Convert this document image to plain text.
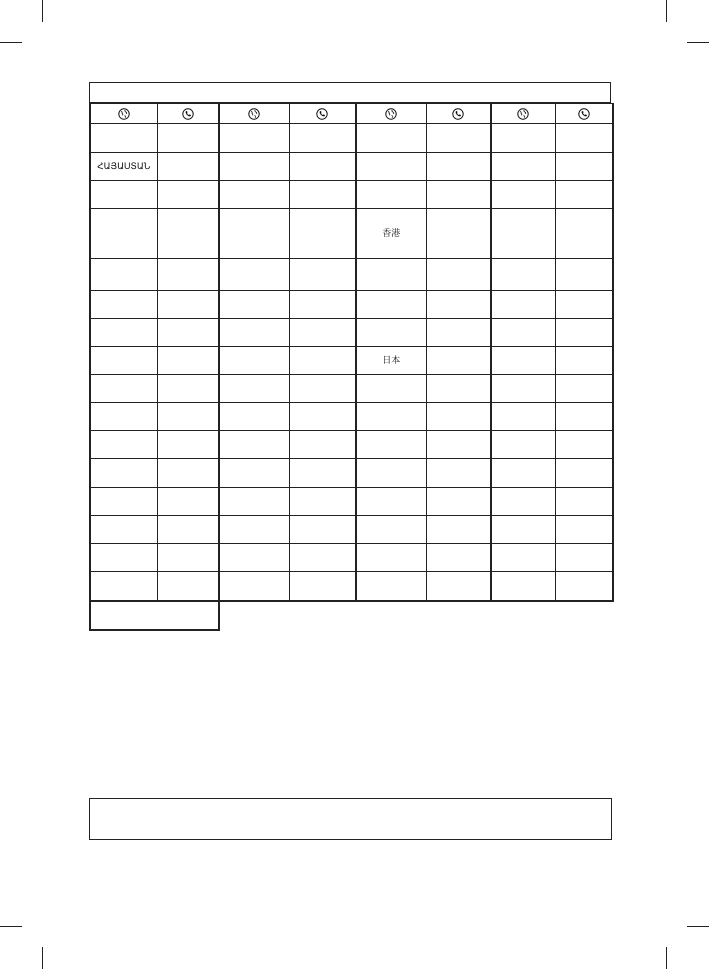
ՀԱՅԱUՏԱՆ							

				香港			

				日本			
